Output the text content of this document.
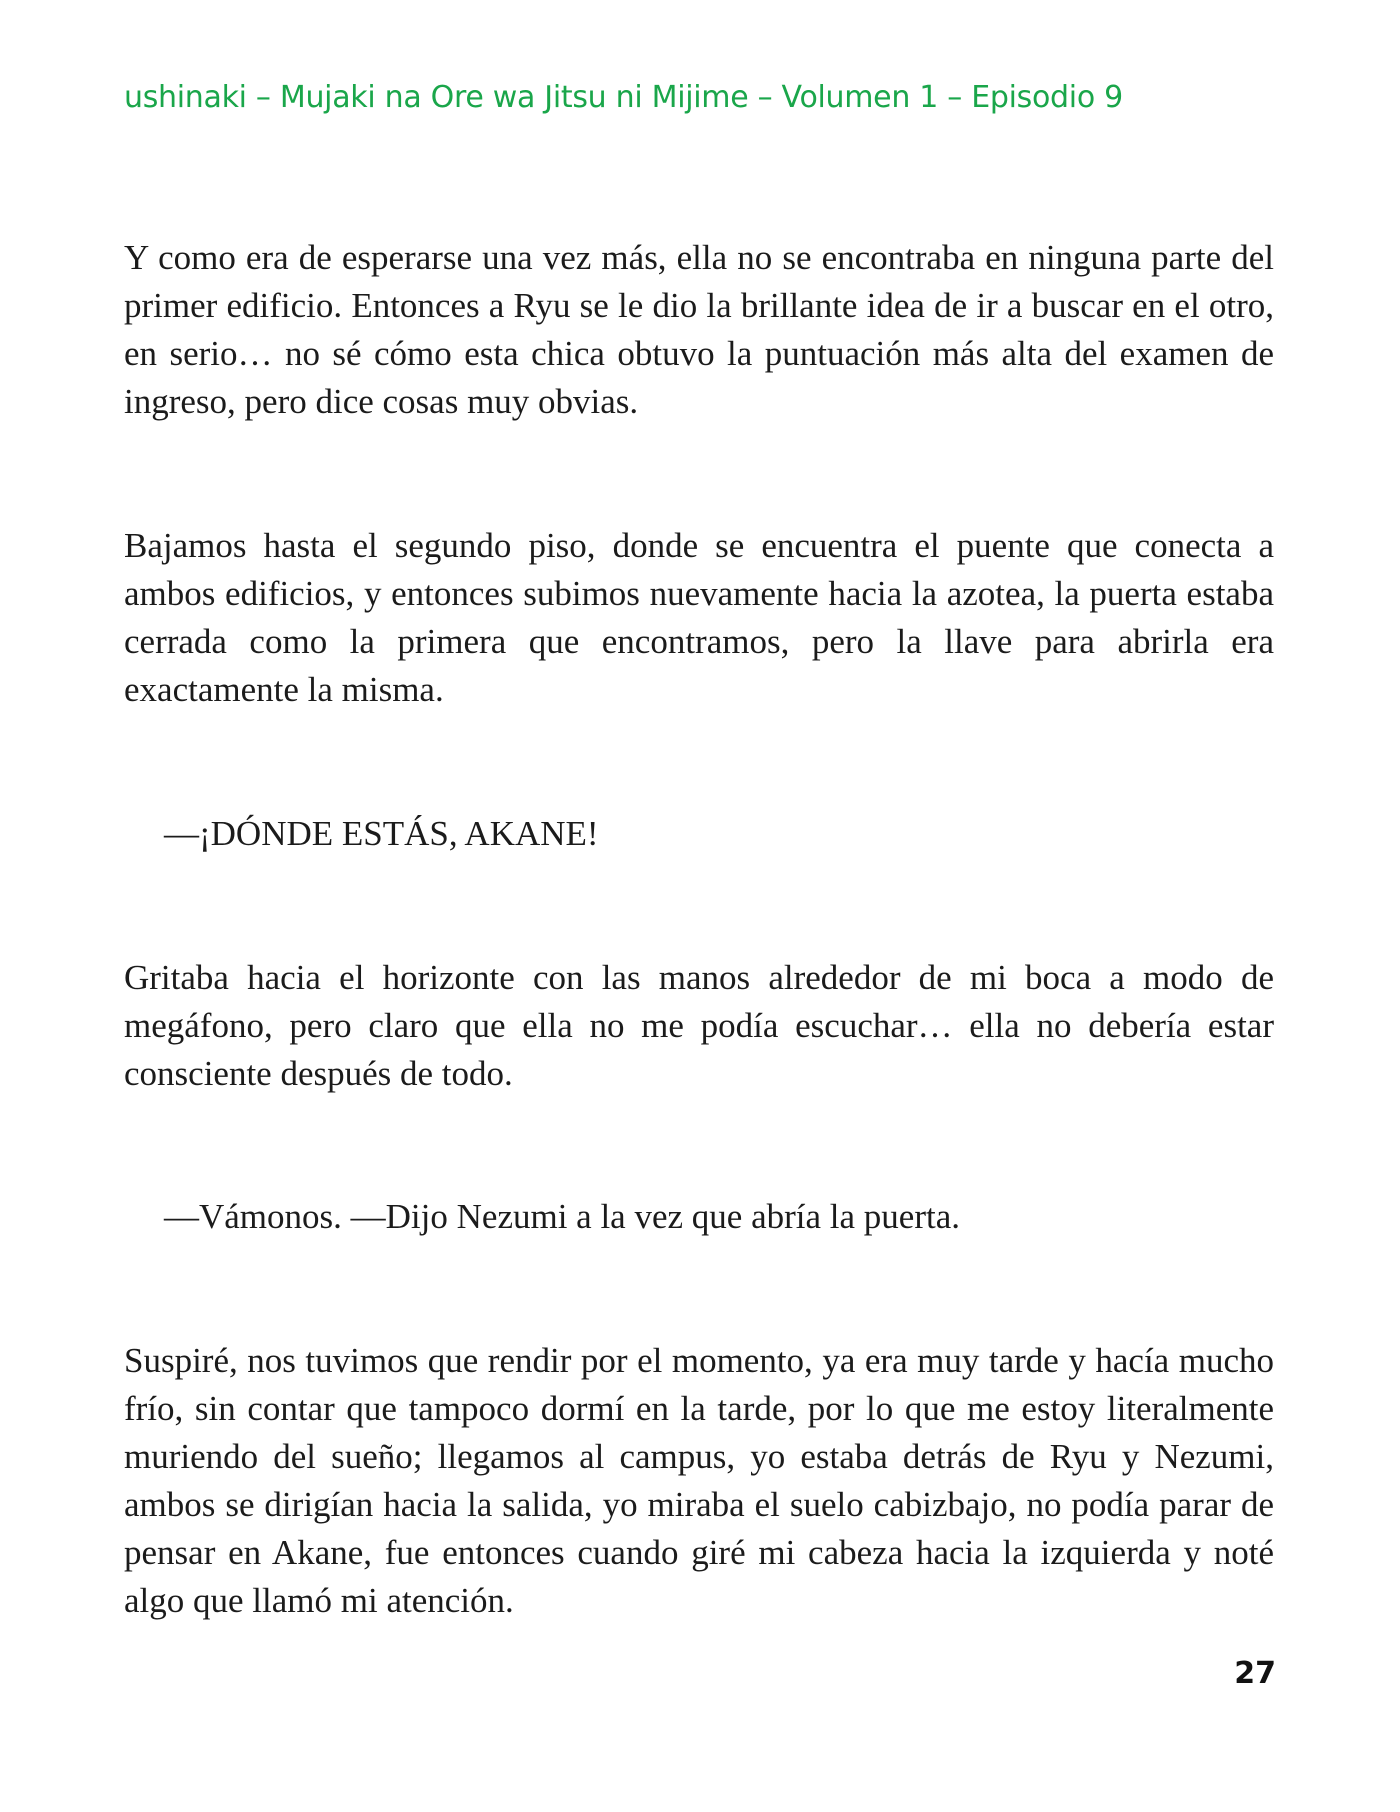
ushinaki – Mujaki na Ore wa Jitsu ni Mijime – Volumen 1 – Episodio 9
Y como era de esperarse una vez más, ella no se encontraba en ninguna parte del primer edificio. Entonces a Ryu se le dio la brillante idea de ir a buscar en el otro, en serio… no sé cómo esta chica obtuvo la puntuación más alta del examen de ingreso, pero dice cosas muy obvias.
Bajamos hasta el segundo piso, donde se encuentra el puente que conecta a ambos edificios, y entonces subimos nuevamente hacia la azotea, la puerta estaba cerrada como la primera que encontramos, pero la llave para abrirla era exactamente la misma.
—¡DÓNDE ESTÁS, AKANE!
Gritaba hacia el horizonte con las manos alrededor de mi boca a modo de megáfono, pero claro que ella no me podía escuchar… ella no debería estar consciente después de todo.
—Vámonos. —Dijo Nezumi a la vez que abría la puerta.
Suspiré, nos tuvimos que rendir por el momento, ya era muy tarde y hacía mucho frío, sin contar que tampoco dormí en la tarde, por lo que me estoy literalmente muriendo del sueño; llegamos al campus, yo estaba detrás de Ryu y Nezumi, ambos se dirigían hacia la salida, yo miraba el suelo cabizbajo, no podía parar de pensar en Akane, fue entonces cuando giré mi cabeza hacia la izquierda y noté algo que llamó mi atención.
27
